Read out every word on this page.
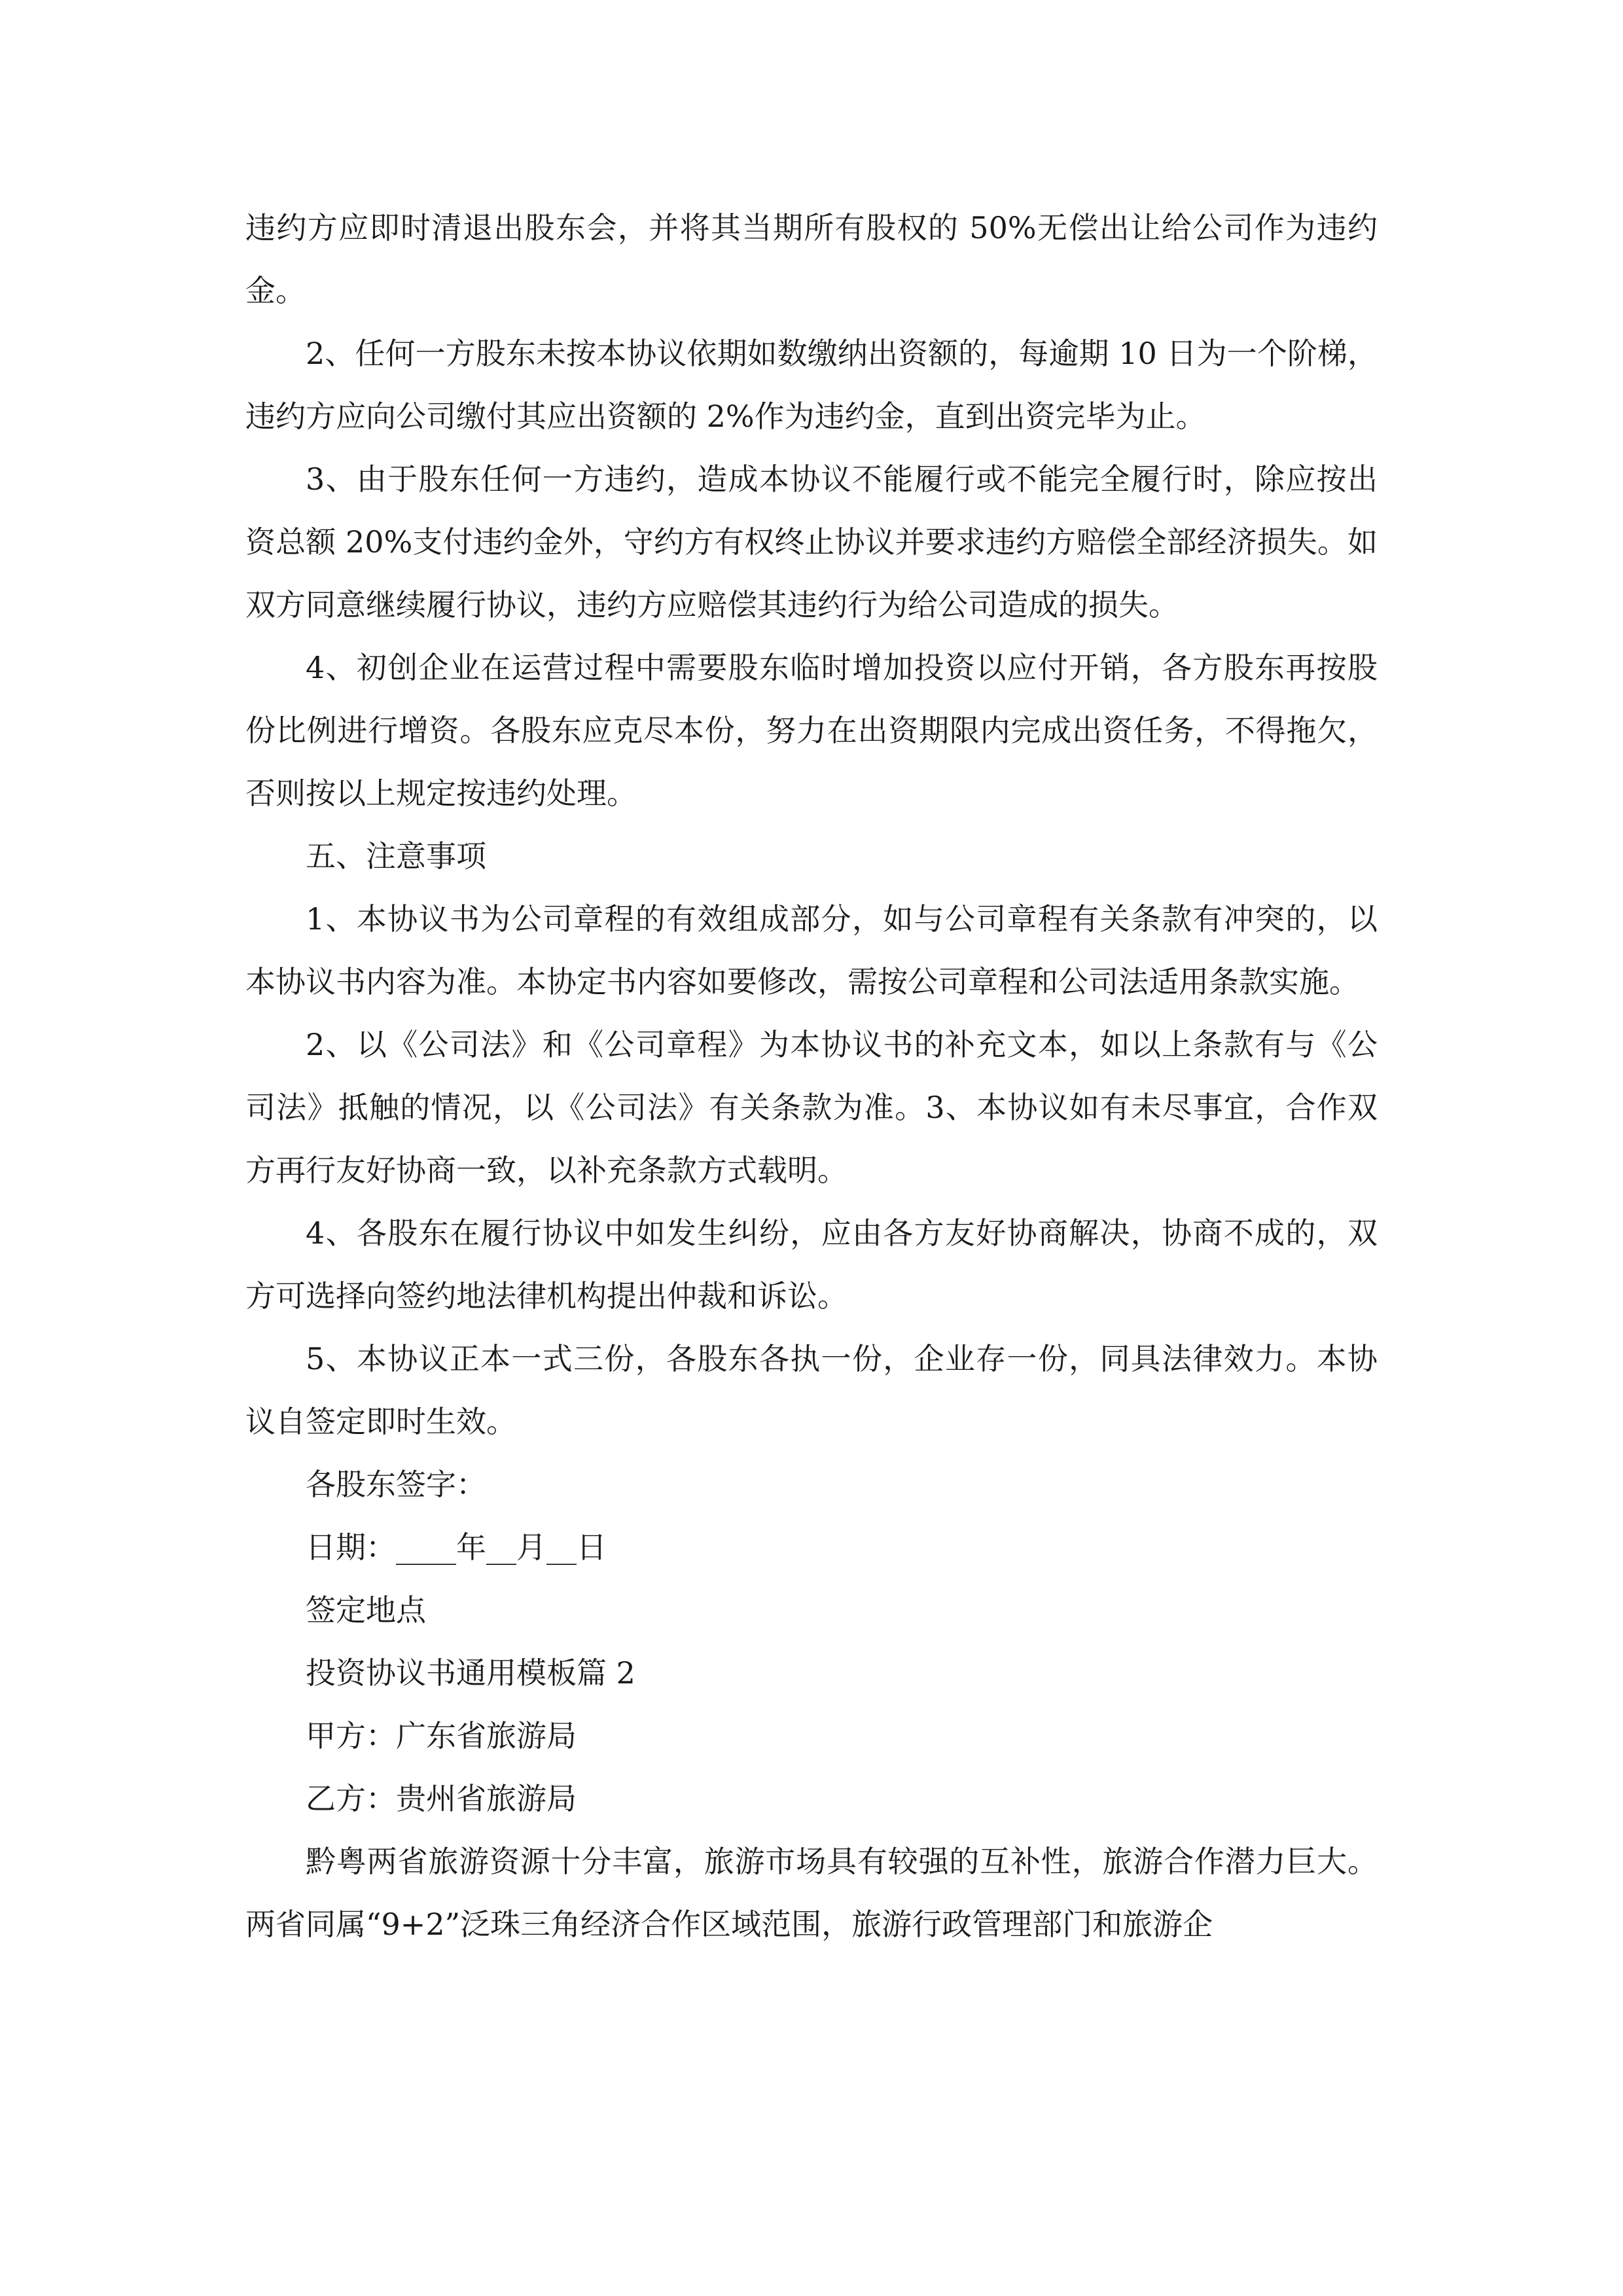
违约方应即时清退出股东会，并将其当期所有股权的 50%无偿出让给公司作为违约金。

2、任何一方股东未按本协议依期如数缴纳出资额的，每逾期 10 日为一个阶梯，违约方应向公司缴付其应出资额的 2%作为违约金，直到出资完毕为止。

3、由于股东任何一方违约，造成本协议不能履行或不能完全履行时，除应按出资总额 20%支付违约金外，守约方有权终止协议并要求违约方赔偿全部经济损失。如双方同意继续履行协议，违约方应赔偿其违约行为给公司造成的损失。

4、初创企业在运营过程中需要股东临时增加投资以应付开销，各方股东再按股份比例进行增资。各股东应克尽本份，努力在出资期限内完成出资任务，不得拖欠，否则按以上规定按违约处理。

五、注意事项

1、本协议书为公司章程的有效组成部分，如与公司章程有关条款有冲突的，以本协议书内容为准。本协定书内容如要修改，需按公司章程和公司法适用条款实施。

2、以《公司法》和《公司章程》为本协议书的补充文本，如以上条款有与《公司法》抵触的情况，以《公司法》有关条款为准。3、本协议如有未尽事宜，合作双方再行友好协商一致，以补充条款方式载明。

4、各股东在履行协议中如发生纠纷，应由各方友好协商解决，协商不成的，双方可选择向签约地法律机构提出仲裁和诉讼。

5、本协议正本一式三份，各股东各执一份，企业存一份，同具法律效力。本协议自签定即时生效。

各股东签字：

日期：____年__月__日

签定地点

投资协议书通用模板篇 2

甲方：广东省旅游局

乙方：贵州省旅游局

黔粤两省旅游资源十分丰富，旅游市场具有较强的互补性，旅游合作潜力巨大。两省同属“9+2”泛珠三角经济合作区域范围，旅游行政管理部门和旅游企
